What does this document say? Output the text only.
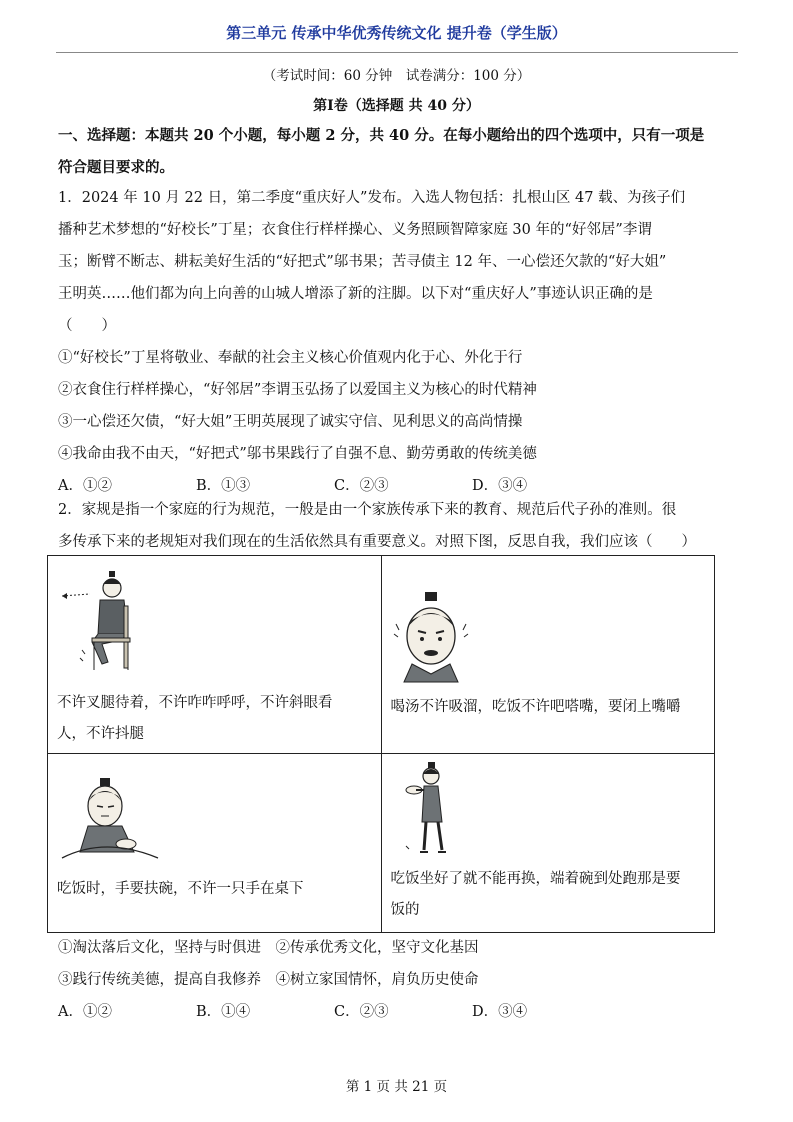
第三单元 传承中华优秀传统文化 提升卷（学生版）
（考试时间：60 分钟　试卷满分：100 分）
第Ⅰ卷（选择题 共 40 分）
一、选择题：本题共 20 个小题，每小题 2 分，共 40 分。在每小题给出的四个选项中，只有一项是
符合题目要求的。
1．2024 年 10 月 22 日，第二季度“重庆好人”发布。入选人物包括：扎根山区 47 载、为孩子们
播种艺术梦想的“好校长”丁星；衣食住行样样操心、义务照顾智障家庭 30 年的“好邻居”李谓
玉；断臂不断志、耕耘美好生活的“好把式”邬书果；苦寻债主 12 年、一心偿还欠款的“好大姐”
王明英……他们都为向上向善的山城人增添了新的注脚。以下对“重庆好人”事迹认识正确的是
（　　）
①“好校长”丁星将敬业、奉献的社会主义核心价值观内化于心、外化于行
②衣食住行样样操心，“好邻居”李谓玉弘扬了以爱国主义为核心的时代精神
③一心偿还欠债，“好大姐”王明英展现了诚实守信、见利思义的高尚情操
④我命由我不由天，“好把式”邬书果践行了自强不息、勤劳勇敢的传统美德
A．①②	B．①③	C．②③	D．③④
2．家规是指一个家庭的行为规范，一般是由一个家族传承下来的教育、规范后代子孙的准则。很
多传承下来的老规矩对我们现在的生活依然具有重要意义。对照下图，反思自我，我们应该（　　）
不许叉腿待着，不许咋咋呼呼，不许斜眼看
人，不许抖腿	喝汤不许吸溜，吃饭不许吧嗒嘴，要闭上嘴嚼

吃饭时，手要扶碗，不许一只手在桌下	吃饭坐好了就不能再换，端着碗到处跑那是要
饭的
①淘汰落后文化，坚持与时俱进　②传承优秀文化，坚守文化基因
③践行传统美德，提高自我修养　④树立家国情怀，肩负历史使命
A．①②	B．①④	C．②③	D．③④
第 1 页 共 21 页
